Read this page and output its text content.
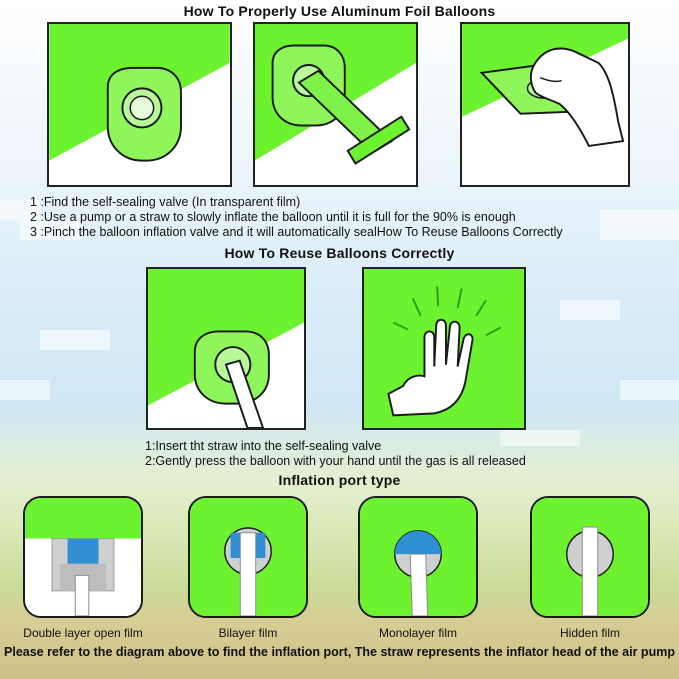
How To Properly Use Aluminum Foil Balloons
1 :Find the self-sealing valve (In transparent film)
2 :Use a pump or a straw to slowly inflate the balloon until it is full for the 90% is enough
3 :Pinch the balloon inflation valve and it will automatically sealHow To Reuse Balloons Correctly
How To Reuse Balloons Correctly
1:Insert tht straw into the self-sealing valve
2:Gently press the balloon with your hand until the gas is all released
Inflation port type
Double layer open film	Bilayer film	Monolayer film	Hidden film
Please refer to the diagram above to find the inflation port, The straw represents the inflator head of the air pump
